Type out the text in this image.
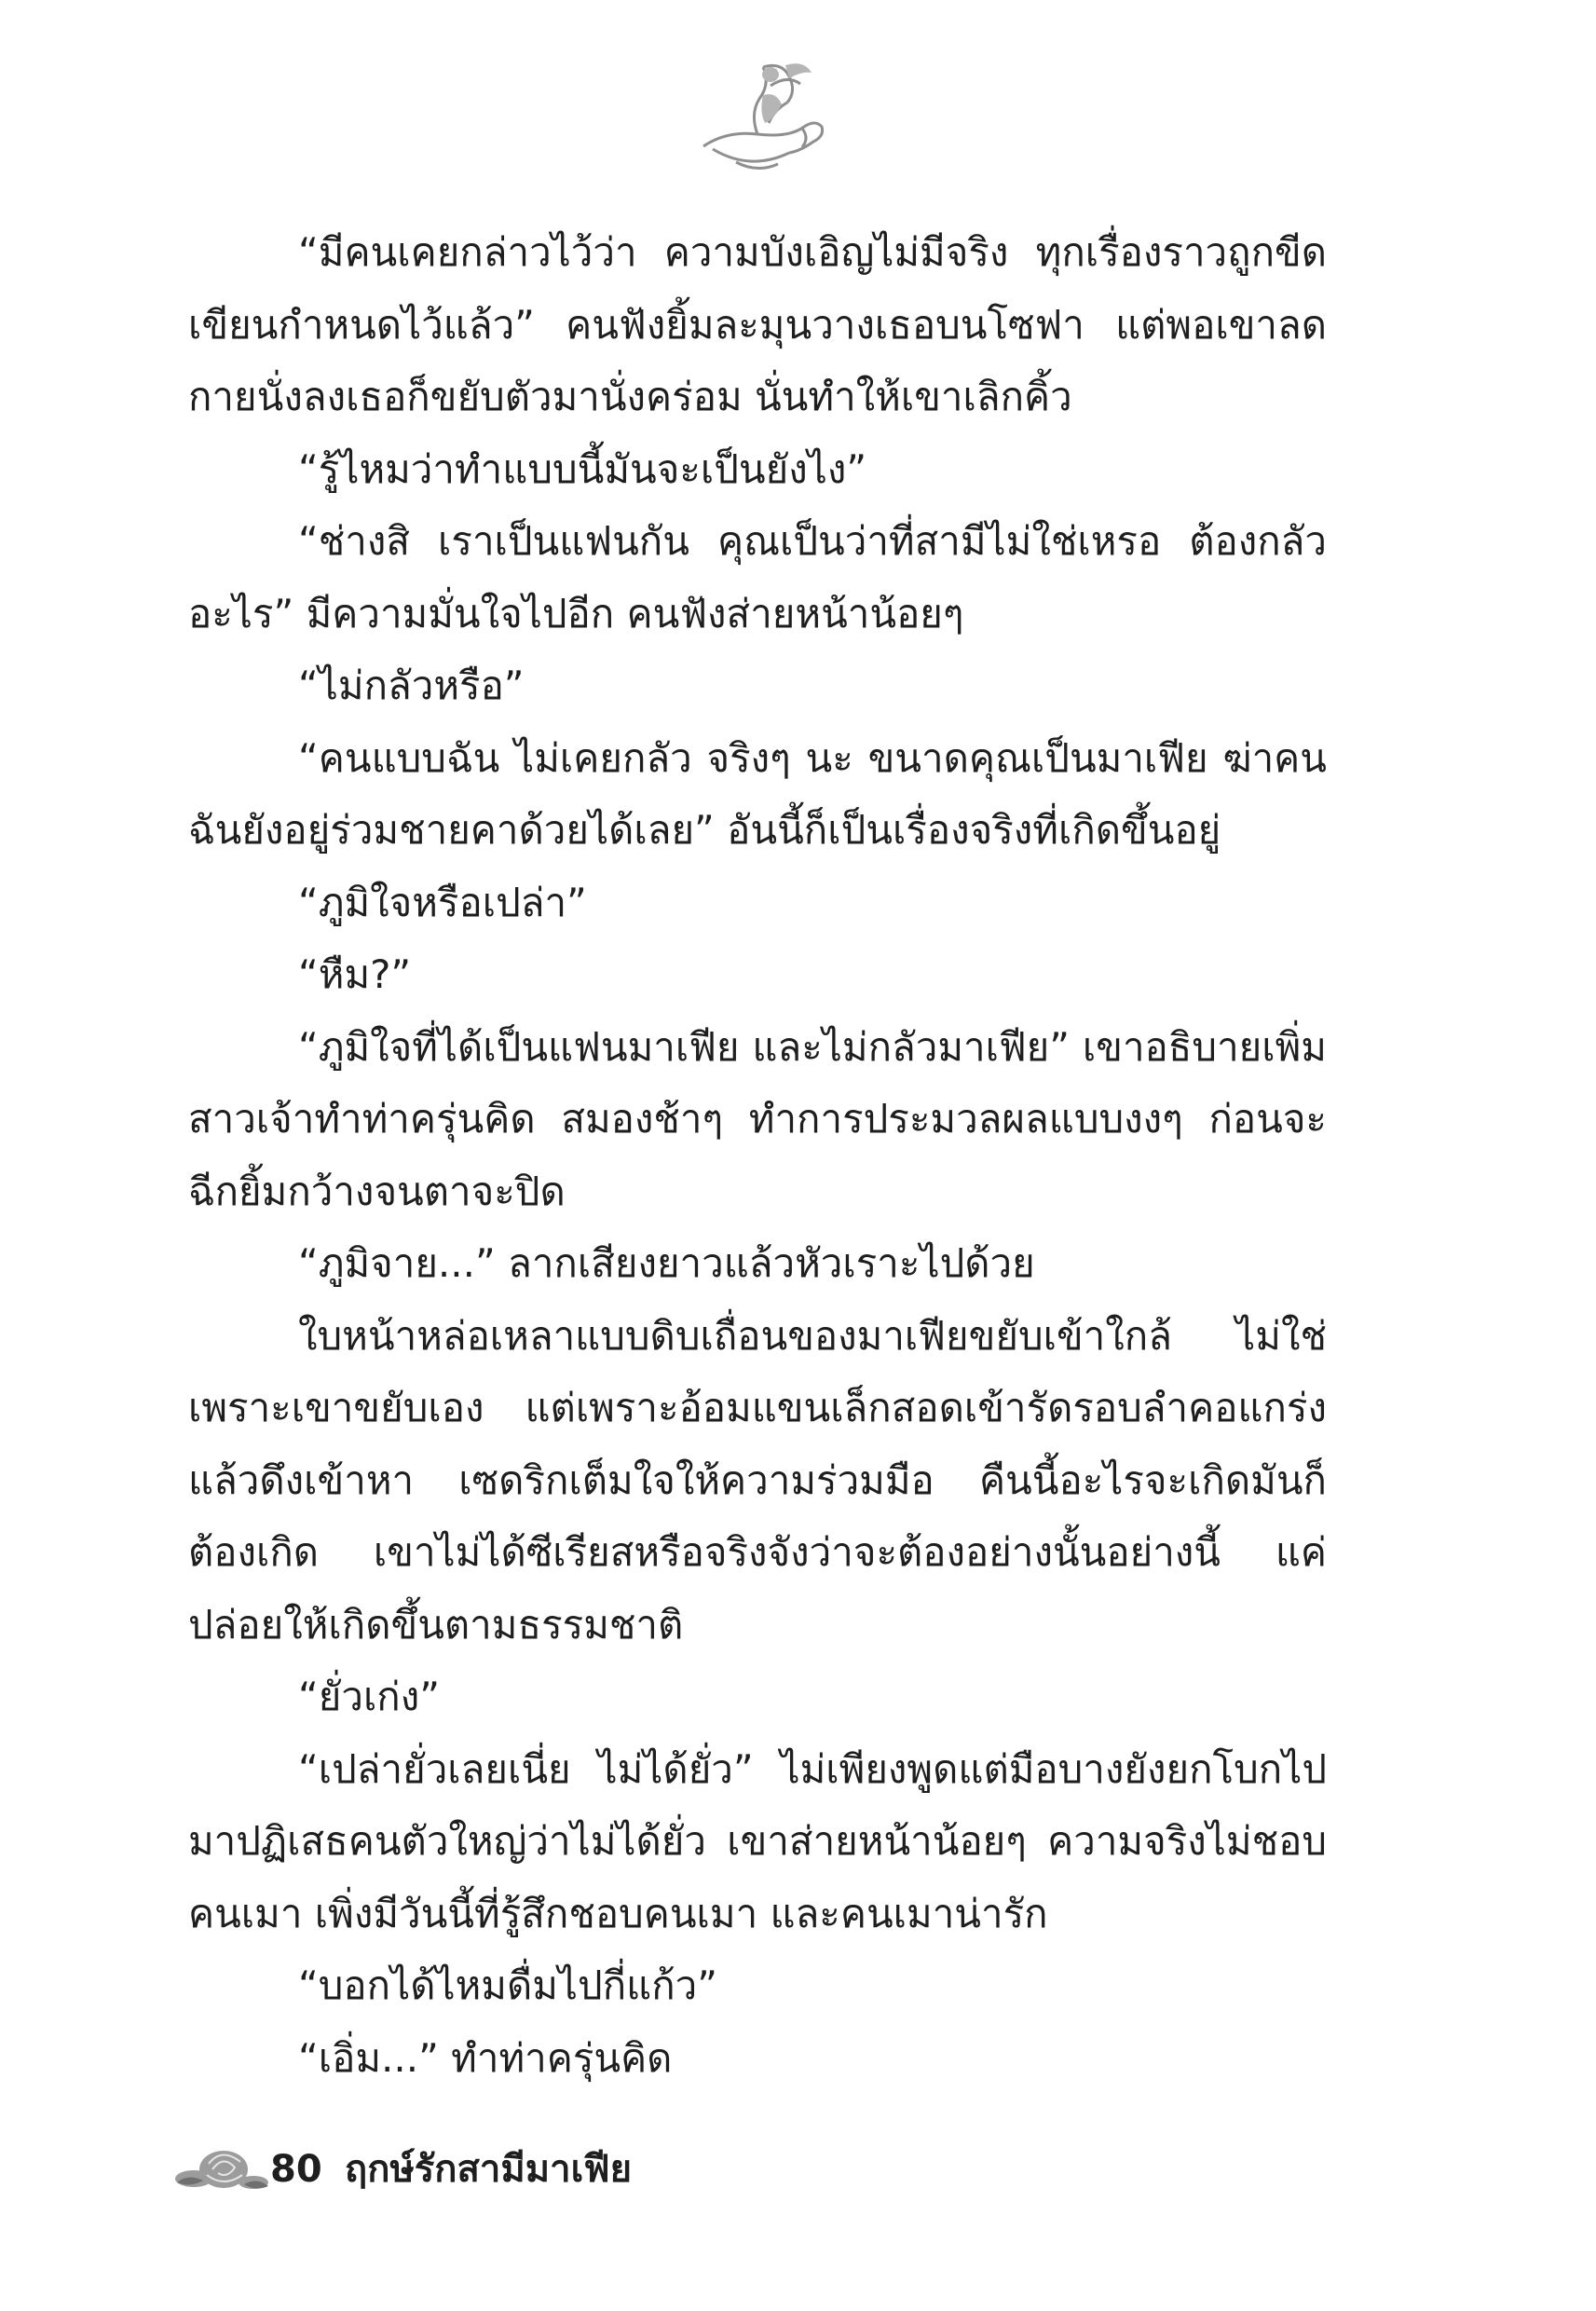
“มีคนเคยกล่าวไว้ว่า ความบังเอิญไม่มีจริง ทุกเรื่องราวถูกขีดเขียนกำหนดไว้แล้ว” คนฟังยิ้มละมุนวางเธอบนโซฟา แต่พอเขาลดกายนั่งลงเธอก็ขยับตัวมานั่งคร่อม นั่นทำให้เขาเลิกคิ้ว

“รู้ไหมว่าทำแบบนี้มันจะเป็นยังไง”

“ช่างสิ เราเป็นแฟนกัน คุณเป็นว่าที่สามีไม่ใช่เหรอ ต้องกลัวอะไร” มีความมั่นใจไปอีก คนฟังส่ายหน้าน้อยๆ

“ไม่กลัวหรือ”

“คนแบบฉัน ไม่เคยกลัว จริงๆ นะ ขนาดคุณเป็นมาเฟีย ฆ่าคน ฉันยังอยู่ร่วมชายคาด้วยได้เลย” อันนี้ก็เป็นเรื่องจริงที่เกิดขึ้นอยู่

“ภูมิใจหรือเปล่า”

“หืม?”

“ภูมิใจที่ได้เป็นแฟนมาเฟีย และไม่กลัวมาเฟีย” เขาอธิบายเพิ่ม สาวเจ้าทำท่าครุ่นคิด สมองช้าๆ ทำการประมวลผลแบบงงๆ ก่อนจะฉีกยิ้มกว้างจนตาจะปิด

“ภูมิจาย...” ลากเสียงยาวแล้วหัวเราะไปด้วย

ใบหน้าหล่อเหลาแบบดิบเถื่อนของมาเฟียขยับเข้าใกล้ ไม่ใช่เพราะเขาขยับเอง แต่เพราะอ้อมแขนเล็กสอดเข้ารัดรอบลำคอแกร่งแล้วดึงเข้าหา เซดริกเต็มใจให้ความร่วมมือ คืนนี้อะไรจะเกิดมันก็ต้องเกิด เขาไม่ได้ซีเรียสหรือจริงจังว่าจะต้องอย่างนั้นอย่างนี้ แค่ปล่อยให้เกิดขึ้นตามธรรมชาติ

“ยั่วเก่ง”

“เปล่ายั่วเลยเนี่ย ไม่ได้ยั่ว” ไม่เพียงพูดแต่มือบางยังยกโบกไปมาปฏิเสธคนตัวใหญ่ว่าไม่ได้ยั่ว เขาส่ายหน้าน้อยๆ ความจริงไม่ชอบคนเมา เพิ่งมีวันนี้ที่รู้สึกชอบคนเมา และคนเมาน่ารัก

“บอกได้ไหมดื่มไปกี่แก้ว”

“เอิ่ม...” ทำท่าครุ่นคิด

80 ฤกษ์รักสามีมาเฟีย
